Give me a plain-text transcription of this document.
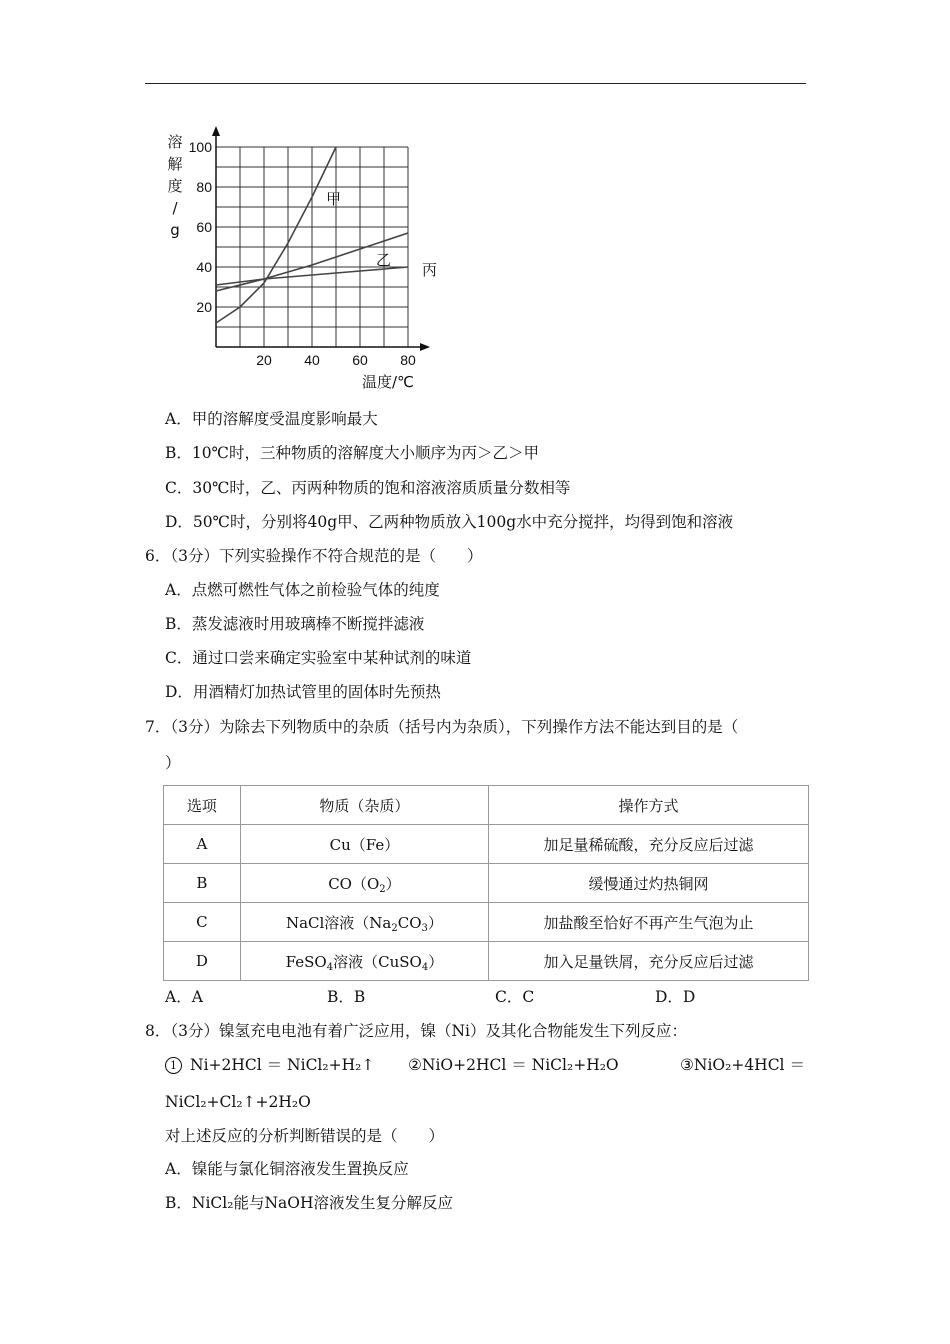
20
40
60
80
100
20 40 60 80
溶
解
度
/
g
温度/℃
甲
乙
丙
A．甲的溶解度受温度影响最大
B．10℃时，三种物质的溶解度大小顺序为丙＞乙＞甲
C．30℃时，乙、丙两种物质的饱和溶液溶质质量分数相等
D．50℃时，分别将40g甲、乙两种物质放入100g水中充分搅拌，均得到饱和溶液
6．（3分）下列实验操作不符合规范的是（　　）
A．点燃可燃性气体之前检验气体的纯度
B．蒸发滤液时用玻璃棒不断搅拌滤液
C．通过口尝来确定实验室中某种试剂的味道
D．用酒精灯加热试管里的固体时先预热
7．（3分）为除去下列物质中的杂质（括号内为杂质），下列操作方法不能达到目的是（
）
选项	物质（杂质）	操作方式
A	Cu（Fe）	加足量稀硫酸，充分反应后过滤
B	$CO(O_2)$	缓慢通过灼热铜网
C	NaCl溶液$(Na_2CO_3)$	加盐酸至恰好不再产生气泡为止
D	FeSO$_4$溶液（CuSO$_4$）	加入足量铁屑，充分反应后过滤
A．A	B．B	C．C	D．D
8．（3分）镍氢充电电池有着广泛应用，镍（Ni）及其化合物能发生下列反应：
1 Ni+2HCl ＝ NiCl₂+H₂↑ ②NiO+2HCl ＝ NiCl₂+H₂O	③NiO₂+4HCl ＝
NiCl₂+Cl₂↑+2H₂O
对上述反应的分析判断错误的是（　　）
A．镍能与氯化铜溶液发生置换反应
B．NiCl₂能与NaOH溶液发生复分解反应
